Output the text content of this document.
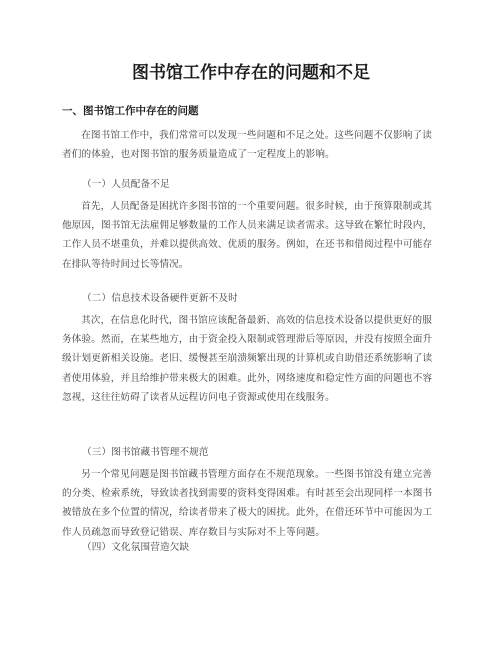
图书馆工作中存在的问题和不足
一、图书馆工作中存在的问题

在图书馆工作中，我们常常可以发现一些问题和不足之处。这些问题不仅影响了读者们的体验，也对图书馆的服务质量造成了一定程度上的影响。

（一）人员配备不足

首先，人员配备是困扰许多图书馆的一个重要问题。很多时候，由于预算限制或其他原因，图书馆无法雇佣足够数量的工作人员来满足读者需求。这导致在繁忙时段内，工作人员不堪重负，并难以提供高效、优质的服务。例如，在还书和借阅过程中可能存在排队等待时间过长等情况。

（二）信息技术设备硬件更新不及时

其次，在信息化时代，图书馆应该配备最新、高效的信息技术设备以提供更好的服务体验。然而，在某些地方，由于资金投入限制或管理滞后等原因，并没有按照全面升级计划更新相关设施。老旧、缓慢甚至崩溃频繁出现的计算机或自助借还系统影响了读者使用体验，并且给维护带来极大的困难。此外，网络速度和稳定性方面的问题也不容忽视，这往往妨碍了读者从远程访问电子资源或使用在线服务。

（三）图书馆藏书管理不规范

另一个常见问题是图书馆藏书管理方面存在不规范现象。一些图书馆没有建立完善的分类、检索系统，导致读者找到需要的资料变得困难。有时甚至会出现同样一本图书被错放在多个位置的情况，给读者带来了极大的困扰。此外，在借还环节中可能因为工作人员疏忽而导致登记错误、库存数目与实际对不上等问题。

（四）文化氛围营造欠缺
